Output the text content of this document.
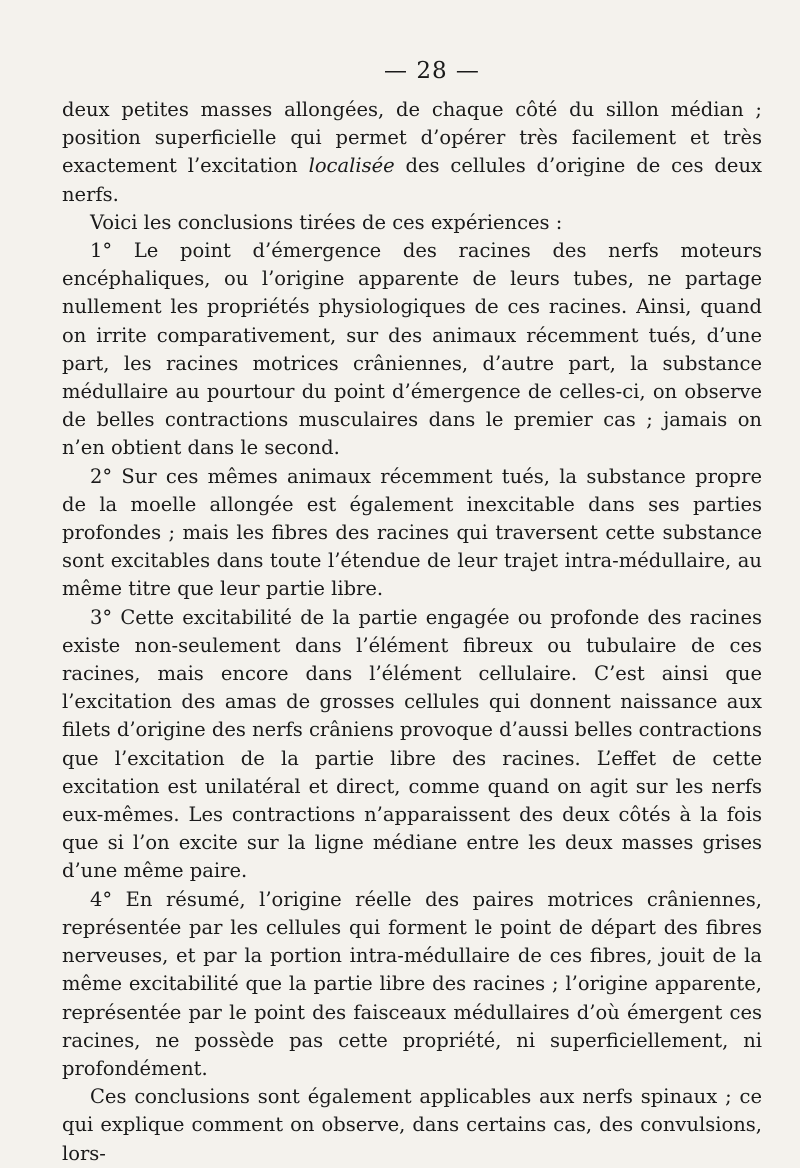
— 28 —

deux petites masses allongées, de chaque côté du sillon médian ; position superficielle qui permet d’opérer très facilement et très exactement l’excitation localisée des cellules d’origine de ces deux nerfs.

Voici les conclusions tirées de ces expériences :

1° Le point d’émergence des racines des nerfs moteurs encéphaliques, ou l’origine apparente de leurs tubes, ne partage nullement les propriétés physiologiques de ces racines. Ainsi, quand on irrite comparativement, sur des animaux récemment tués, d’une part, les racines motrices crâniennes, d’autre part, la substance médullaire au pourtour du point d’émergence de celles-ci, on observe de belles contractions musculaires dans le premier cas ; jamais on n’en obtient dans le second.

2° Sur ces mêmes animaux récemment tués, la substance propre de la moelle allongée est également inexcitable dans ses parties profondes ; mais les fibres des racines qui traversent cette substance sont excitables dans toute l’étendue de leur trajet intra-médullaire, au même titre que leur partie libre.

3° Cette excitabilité de la partie engagée ou profonde des racines existe non-seulement dans l’élément fibreux ou tubulaire de ces racines, mais encore dans l’élément cellulaire. C’est ainsi que l’excitation des amas de grosses cellules qui donnent naissance aux filets d’origine des nerfs crâniens provoque d’aussi belles contractions que l’excitation de la partie libre des racines. L’effet de cette excitation est unilatéral et direct, comme quand on agit sur les nerfs eux-mêmes. Les contractions n’apparaissent des deux côtés à la fois que si l’on excite sur la ligne médiane entre les deux masses grises d’une même paire.

4° En résumé, l’origine réelle des paires motrices crâniennes, représentée par les cellules qui forment le point de départ des fibres nerveuses, et par la portion intra-médullaire de ces fibres, jouit de la même excitabilité que la partie libre des racines ; l’origine apparente, représentée par le point des faisceaux médullaires d’où émergent ces racines, ne possède pas cette propriété, ni superficiellement, ni profondément.

Ces conclusions sont également applicables aux nerfs spinaux ; ce qui explique comment on observe, dans certains cas, des convulsions, lors-
